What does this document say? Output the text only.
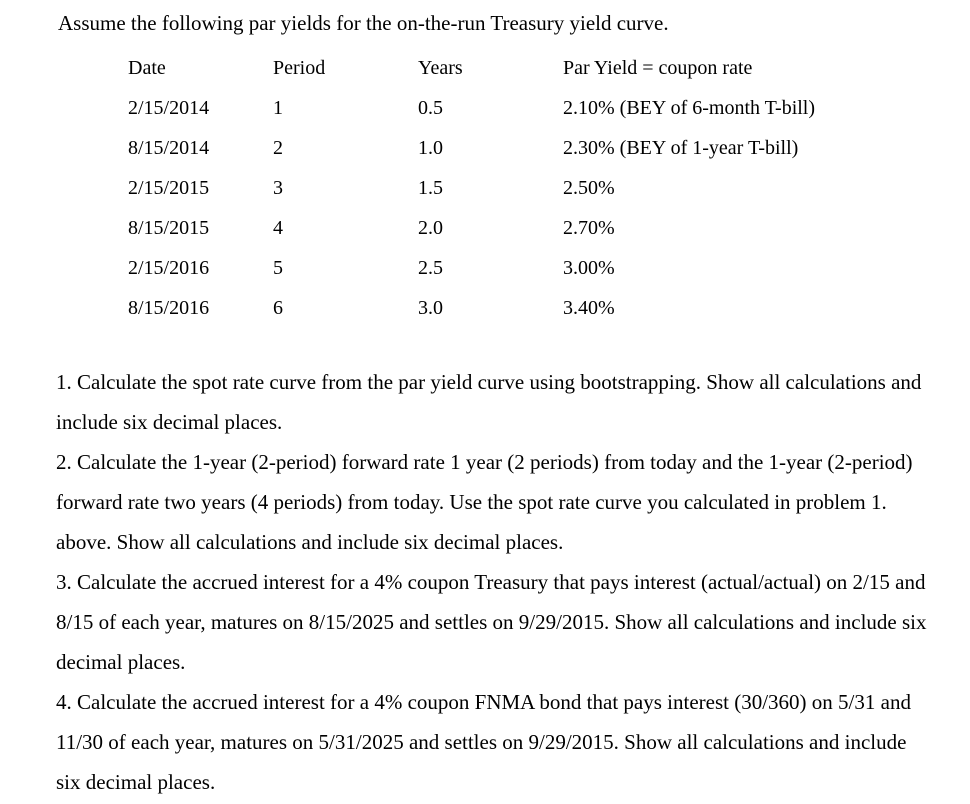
Assume the following par yields for the on-the-run Treasury yield curve.
Date	Period	Years	Par Yield = coupon rate
2/15/2014	1	0.5	2.10% (BEY of 6-month T-bill)
8/15/2014	2	1.0	2.30% (BEY of 1-year T-bill)
2/15/2015	3	1.5	2.50%
8/15/2015	4	2.0	2.70%
2/15/2016	5	2.5	3.00%
8/15/2016	6	3.0	3.40%

1. Calculate the spot rate curve from the par yield curve using bootstrapping. Show all calculations and include six decimal places.

2. Calculate the 1-year (2-period) forward rate 1 year (2 periods) from today and the 1-year (2-period) forward rate two years (4 periods) from today. Use the spot rate curve you calculated in problem 1. above. Show all calculations and include six decimal places.

3. Calculate the accrued interest for a 4% coupon Treasury that pays interest (actual/actual) on 2/15 and 8/15 of each year, matures on 8/15/2025 and settles on 9/29/2015. Show all calculations and include six decimal places.

4. Calculate the accrued interest for a 4% coupon FNMA bond that pays interest (30/360) on 5/31 and 11/30 of each year, matures on 5/31/2025 and settles on 9/29/2015. Show all calculations and include six decimal places.
